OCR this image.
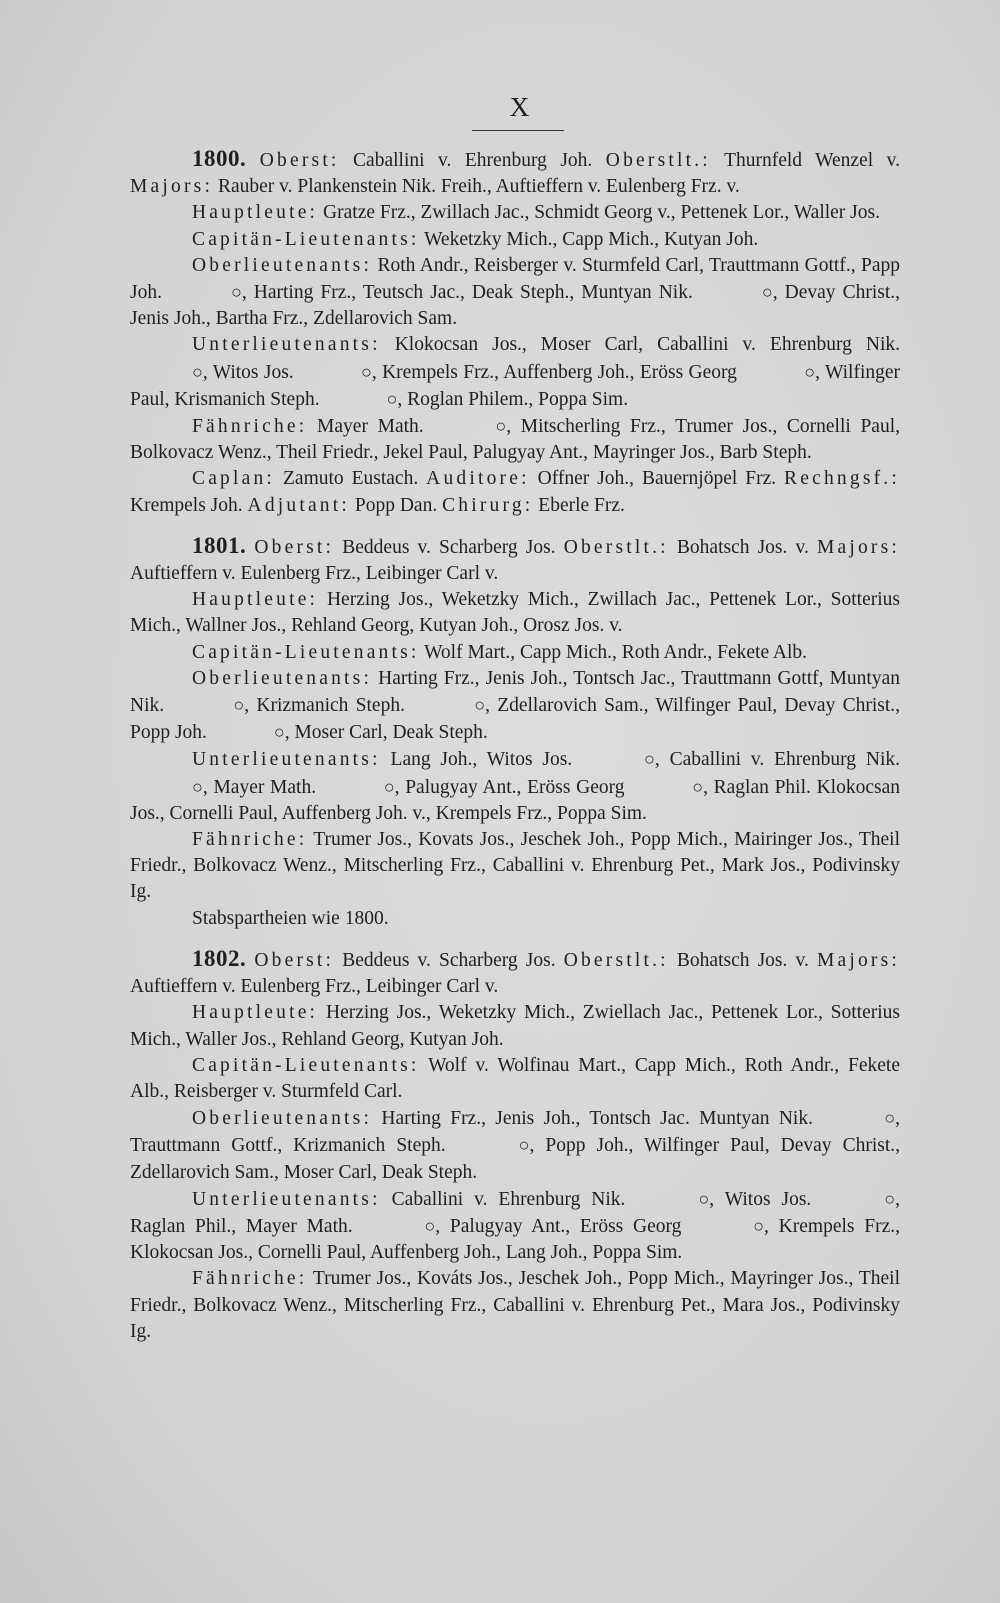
X

1800. Oberst: Caballini v. Ehrenburg Joh. Oberstlt.: Thurnfeld Wenzel v. Majors: Rauber v. Plankenstein Nik. Freih., Auftieffern v. Eulenberg Frz. v.

Hauptleute: Gratze Frz., Zwillach Jac., Schmidt Georg v., Pettenek Lor., Waller Jos.

Capitän-Lieutenants: Weketzky Mich., Capp Mich., Kutyan Joh.

Oberlieutenants: Roth Andr., Reisberger v. Sturmfeld Carl, Trauttmann Gottf., Papp Joh.	○, Harting Frz., Teutsch Jac., Deak Steph., Muntyan Nik.	○, Devay Christ., Jenis Joh., Bartha Frz., Zdellarovich Sam.

Unterlieutenants: Klokocsan Jos., Moser Carl, Caballini v. Ehrenburg Nik. ○, Witos Jos.	○, Krempels Frz., Auffenberg Joh., Eröss Georg	○, Wilfinger Paul, Krismanich Steph.	○, Roglan Philem., Poppa Sim.

Fähnriche: Mayer Math.	○, Mitscherling Frz., Trumer Jos., Cornelli Paul, Bolkovacz Wenz., Theil Friedr., Jekel Paul, Palugyay Ant., Mayringer Jos., Barb Steph.

Caplan: Zamuto Eustach. Auditore: Offner Joh., Bauernjöpel Frz. Rechngsf.: Krempels Joh. Adjutant: Popp Dan. Chirurg: Eberle Frz.

1801. Oberst: Beddeus v. Scharberg Jos. Oberstlt.: Bohatsch Jos. v. Majors: Auftieffern v. Eulenberg Frz., Leibinger Carl v.

Hauptleute: Herzing Jos., Weketzky Mich., Zwillach Jac., Pettenek Lor., Sotterius Mich., Wallner Jos., Rehland Georg, Kutyan Joh., Orosz Jos. v.

Capitän-Lieutenants: Wolf Mart., Capp Mich., Roth Andr., Fekete Alb.

Oberlieutenants: Harting Frz., Jenis Joh., Tontsch Jac., Trauttmann Gottf, Muntyan Nik.	○, Krizmanich Steph.	○, Zdellarovich Sam., Wilfinger Paul, Devay Christ., Popp Joh.	○, Moser Carl, Deak Steph.

Unterlieutenants: Lang Joh., Witos Jos.	○, Caballini v. Ehrenburg Nik. ○, Mayer Math.	○, Palugyay Ant., Eröss Georg	○, Raglan Phil. Klokocsan Jos., Cornelli Paul, Auffenberg Joh. v., Krempels Frz., Poppa Sim.

Fähnriche: Trumer Jos., Kovats Jos., Jeschek Joh., Popp Mich., Mairinger Jos., Theil Friedr., Bolkovacz Wenz., Mitscherling Frz., Caballini v. Ehrenburg Pet., Mark Jos., Podivinsky Ig.

Stabspartheien wie 1800.

1802. Oberst: Beddeus v. Scharberg Jos. Oberstlt.: Bohatsch Jos. v. Majors: Auftieffern v. Eulenberg Frz., Leibinger Carl v.

Hauptleute: Herzing Jos., Weketzky Mich., Zwiellach Jac., Pettenek Lor., Sotterius Mich., Waller Jos., Rehland Georg, Kutyan Joh.

Capitän-Lieutenants: Wolf v. Wolfinau Mart., Capp Mich., Roth Andr., Fekete Alb., Reisberger v. Sturmfeld Carl.

Oberlieutenants: Harting Frz., Jenis Joh., Tontsch Jac. Muntyan Nik.	○, Trauttmann Gottf., Krizmanich Steph.	○, Popp Joh., Wilfinger Paul, Devay Christ., Zdellarovich Sam., Moser Carl, Deak Steph.

Unterlieutenants: Caballini v. Ehrenburg Nik.	○, Witos Jos.	○, Raglan Phil., Mayer Math.	○, Palugyay Ant., Eröss Georg	○, Krempels Frz., Klokocsan Jos., Cornelli Paul, Auffenberg Joh., Lang Joh., Poppa Sim.

Fähnriche: Trumer Jos., Kováts Jos., Jeschek Joh., Popp Mich., Mayringer Jos., Theil Friedr., Bolkovacz Wenz., Mitscherling Frz., Caballini v. Ehrenburg Pet., Mara Jos., Podivinsky Ig.
